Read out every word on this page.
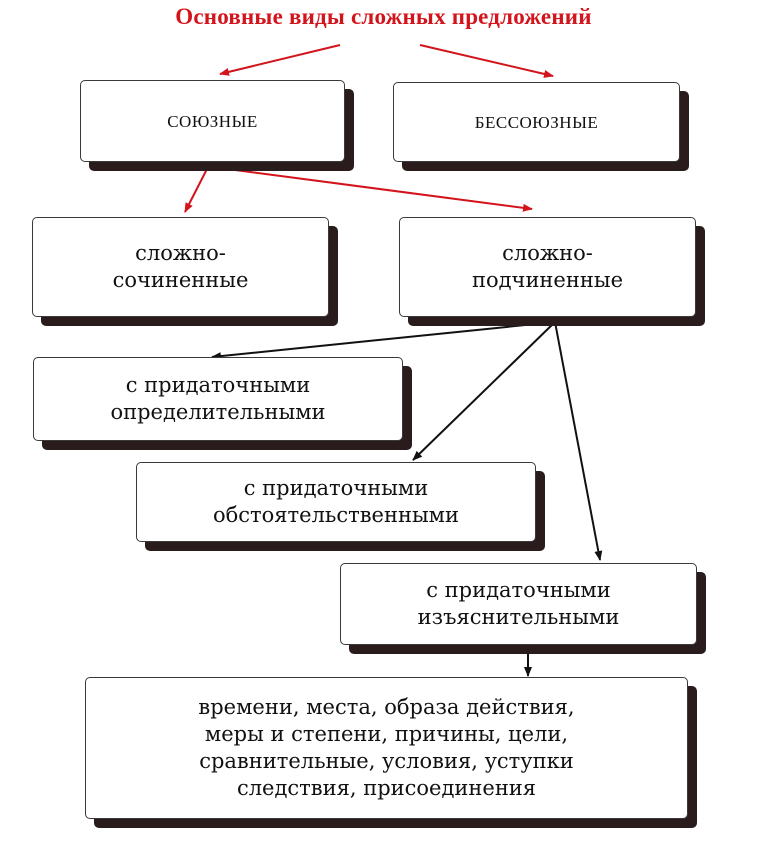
Основные виды сложных предложений
СОЮЗНЫЕ	БЕССОЮЗНЫЕ
сложно-
сочиненные
сложно-
подчиненные
с придаточными
определительными
с придаточными
обстоятельственными
с придаточными
изъяснительными
времени, места, образа действия,
меры и степени, причины, цели,
сравнительные, условия, уступки
следствия, присоединения
